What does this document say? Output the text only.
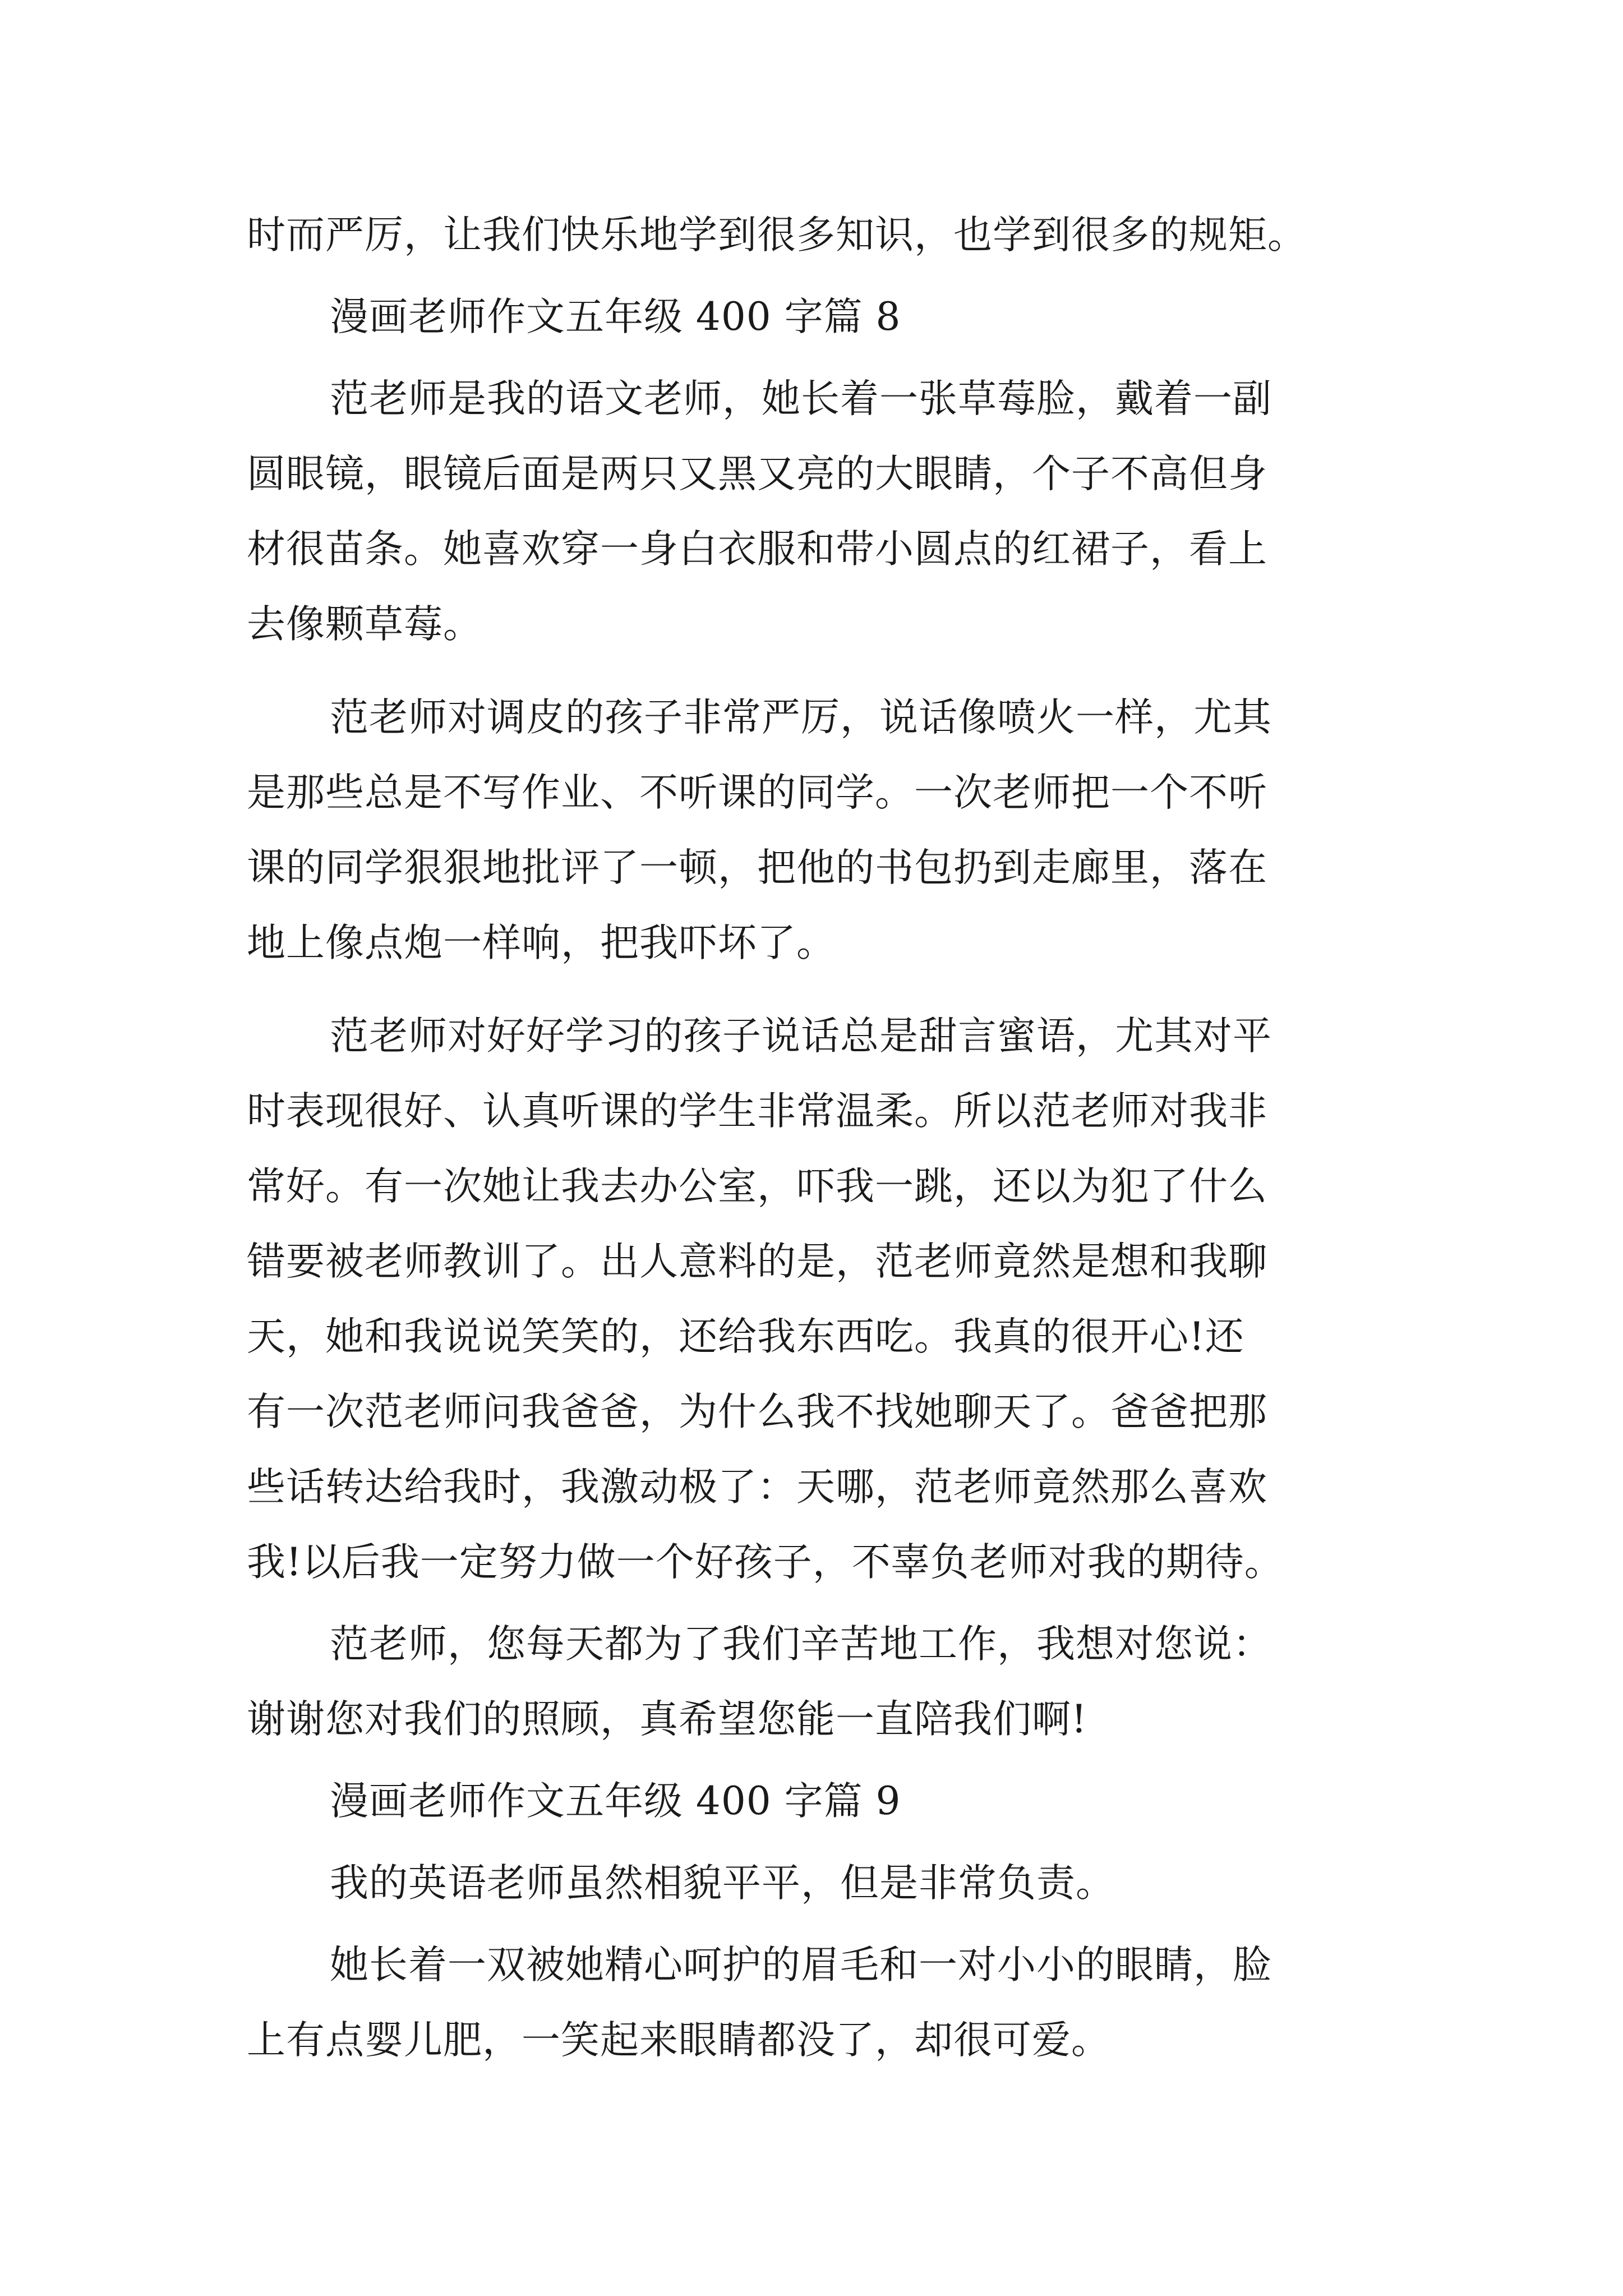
时而严厉，让我们快乐地学到很多知识，也学到很多的规矩。
漫画老师作文五年级 400 字篇 8
范老师是我的语文老师，她长着一张草莓脸，戴着一副
圆眼镜，眼镜后面是两只又黑又亮的大眼睛，个子不高但身
材很苗条。她喜欢穿一身白衣服和带小圆点的红裙子，看上
去像颗草莓。
范老师对调皮的孩子非常严厉，说话像喷火一样，尤其
是那些总是不写作业、不听课的同学。一次老师把一个不听
课的同学狠狠地批评了一顿，把他的书包扔到走廊里，落在
地上像点炮一样响，把我吓坏了。
范老师对好好学习的孩子说话总是甜言蜜语，尤其对平
时表现很好、认真听课的学生非常温柔。所以范老师对我非
常好。有一次她让我去办公室，吓我一跳，还以为犯了什么
错要被老师教训了。出人意料的是，范老师竟然是想和我聊
天，她和我说说笑笑的，还给我东西吃。我真的很开心!还
有一次范老师问我爸爸，为什么我不找她聊天了。爸爸把那
些话转达给我时，我激动极了：天哪，范老师竟然那么喜欢
我!以后我一定努力做一个好孩子，不辜负老师对我的期待。
范老师，您每天都为了我们辛苦地工作，我想对您说：
谢谢您对我们的照顾，真希望您能一直陪我们啊!
漫画老师作文五年级 400 字篇 9
我的英语老师虽然相貌平平，但是非常负责。
她长着一双被她精心呵护的眉毛和一对小小的眼睛，脸
上有点婴儿肥，一笑起来眼睛都没了，却很可爱。
